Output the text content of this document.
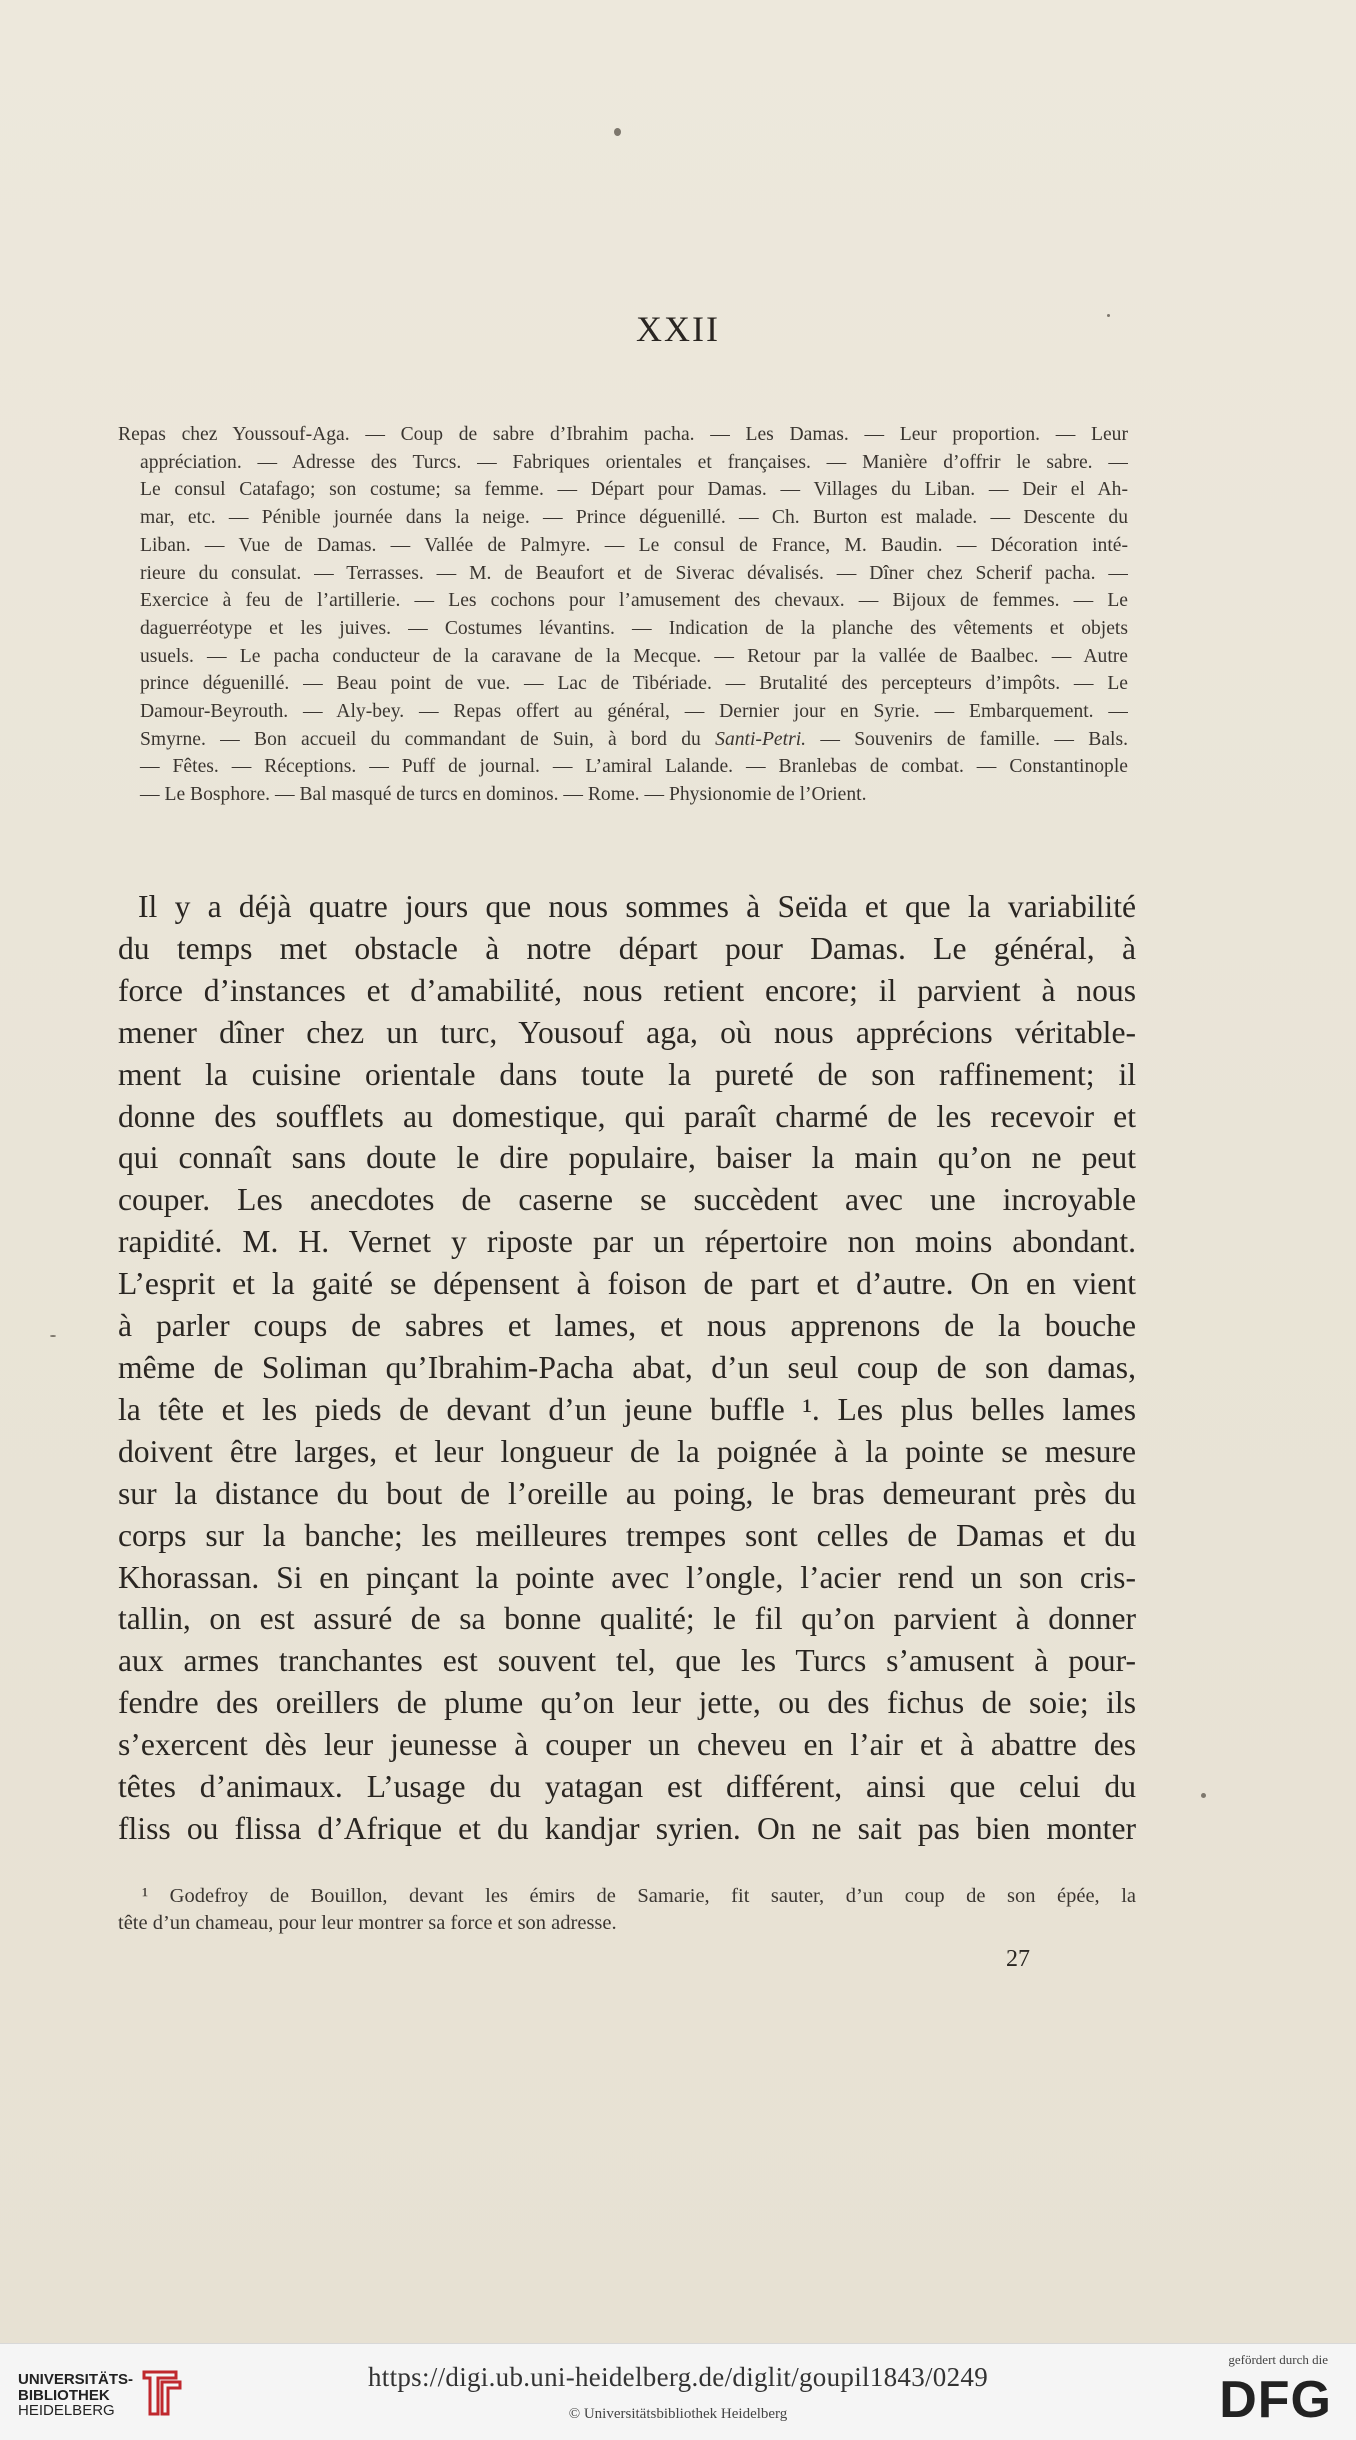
XXII
Repas chez Youssouf-Aga. — Coup de sabre d’Ibrahim pacha. — Les Damas. — Leur proportion. — Leur
appréciation. — Adresse des Turcs. — Fabriques orientales et françaises. — Manière d’offrir le sabre. —
Le consul Catafago; son costume; sa femme. — Départ pour Damas. — Villages du Liban. — Deir el Ah-
mar, etc. — Pénible journée dans la neige. — Prince déguenillé. — Ch. Burton est malade. — Descente du
Liban. — Vue de Damas. — Vallée de Palmyre. — Le consul de France, M. Baudin. — Décoration inté-
rieure du consulat. — Terrasses. — M. de Beaufort et de Siverac dévalisés. — Dîner chez Scherif pacha. —
Exercice à feu de l’artillerie. — Les cochons pour l’amusement des chevaux. — Bijoux de femmes. — Le
daguerréotype et les juives. — Costumes lévantins. — Indication de la planche des vêtements et objets
usuels. — Le pacha conducteur de la caravane de la Mecque. — Retour par la vallée de Baalbec. — Autre
prince déguenillé. — Beau point de vue. — Lac de Tibériade. — Brutalité des percepteurs d’impôts. — Le
Damour-Beyrouth. — Aly-bey. — Repas offert au général, — Dernier jour en Syrie. — Embarquement. —
Smyrne. — Bon accueil du commandant de Suin, à bord du Santi-Petri. — Souvenirs de famille. — Bals.
— Fêtes. — Réceptions. — Puff de journal. — L’amiral Lalande. — Branlebas de combat. — Constantinople
— Le Bosphore. — Bal masqué de turcs en dominos. — Rome. — Physionomie de l’Orient.
Il y a déjà quatre jours que nous sommes à Seïda et que la variabilité
du temps met obstacle à notre départ pour Damas. Le général, à
force d’instances et d’amabilité, nous retient encore; il parvient à nous
mener dîner chez un turc, Yousouf aga, où nous apprécions véritable-
ment la cuisine orientale dans toute la pureté de son raffinement; il
donne des soufflets au domestique, qui paraît charmé de les recevoir et
qui connaît sans doute le dire populaire, baiser la main qu’on ne peut
couper. Les anecdotes de caserne se succèdent avec une incroyable
rapidité. M. H. Vernet y riposte par un répertoire non moins abondant.
L’esprit et la gaité se dépensent à foison de part et d’autre. On en vient
à parler coups de sabres et lames, et nous apprenons de la bouche
même de Soliman qu’Ibrahim-Pacha abat, d’un seul coup de son damas,
la tête et les pieds de devant d’un jeune buffle ¹. Les plus belles lames
doivent être larges, et leur longueur de la poignée à la pointe se mesure
sur la distance du bout de l’oreille au poing, le bras demeurant près du
corps sur la banche; les meilleures trempes sont celles de Damas et du
Khorassan. Si en pinçant la pointe avec l’ongle, l’acier rend un son cris-
tallin, on est assuré de sa bonne qualité; le fil qu’on parvient à donner
aux armes tranchantes est souvent tel, que les Turcs s’amusent à pour-
fendre des oreillers de plume qu’on leur jette, ou des fichus de soie; ils
s’exercent dès leur jeunesse à couper un cheveu en l’air et à abattre des
têtes d’animaux. L’usage du yatagan est différent, ainsi que celui du
fliss ou flissa d’Afrique et du kandjar syrien. On ne sait pas bien monter
¹ Godefroy de Bouillon, devant les émirs de Samarie, fit sauter, d’un coup de son épée, la
tête d’un chameau, pour leur montrer sa force et son adresse.
27
UNIVERSITÄTS-
BIBLIOTHEK
HEIDELBERG
https://digi.ub.uni-heidelberg.de/diglit/goupil1843/0249
© Universitätsbibliothek Heidelberg
gefördert durch die
DFG
